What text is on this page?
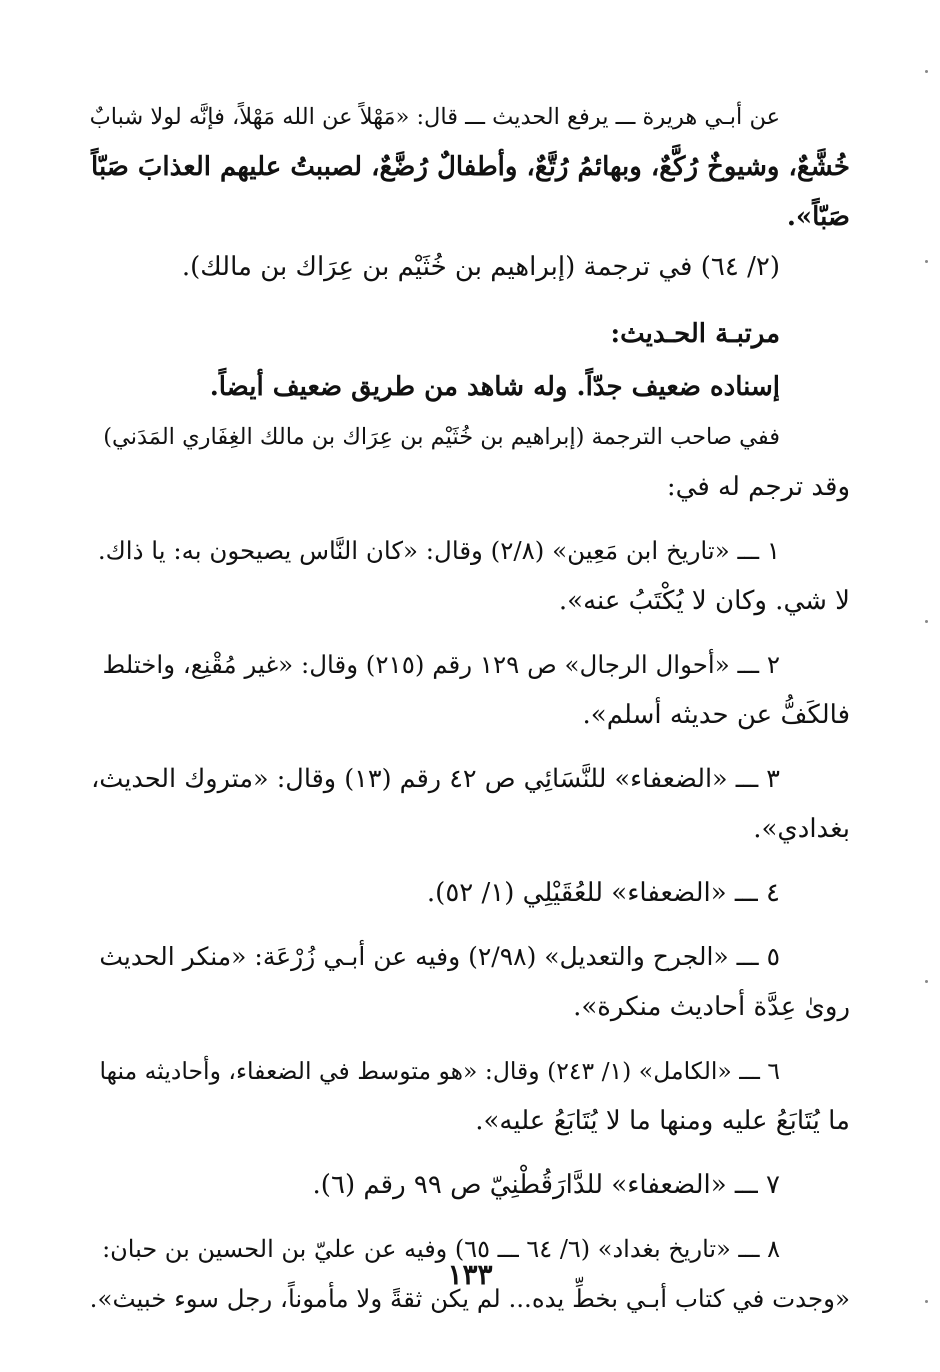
عن أبـي هريرة ـــ يرفع الحديث ـــ قال: «مَهْلاً عن الله مَهْلاً، فإنَّه لولا شبابٌ
خُشَّعٌ، وشيوخٌ رُكَّعٌ، وبهائمُ رُتَّعٌ، وأطفالٌ رُضَّعٌ، لصببتُ عليهم العذابَ صَبّاً
صَبّاً».
(٢/ ٦٤) في ترجمة (إبراهيم بن خُثَيْم بن عِرَاك بن مالك).
مرتبـة الحـديث:
إسناده ضعيف جدّاً. وله شاهد من طريق ضعيف أيضاً.
ففي صاحب الترجمة (إبراهيم بن خُثَيْم بن عِرَاك بن مالك الغِفَاري المَدَني)
وقد ترجم له في:
١ ـــ «تاريخ ابن مَعِين» (٢/٨) وقال: «كان النَّاس يصيحون به: يا ذاك.
لا شي. وكان لا يُكْتَبُ عنه».
٢ ـــ «أحوال الرجال» ص ١٢٩ رقم (٢١٥) وقال: «غير مُقْنِع، واختلط
فالكَفُّ عن حديثه أسلم».
٣ ـــ «الضعفاء» للنَّسَائِي ص ٤٢ رقم (١٣) وقال: «متروك الحديث،
بغدادي».
٤ ـــ «الضعفاء» للعُقَيْلِي (١/ ٥٢).
٥ ـــ «الجرح والتعديل» (٢/٩٨) وفيه عن أبـي زُرْعَة: «منكر الحديث
روىٰ عِدَّة أحاديث منكرة».
٦ ـــ «الكامل» (١/ ٢٤٣) وقال: «هو متوسط في الضعفاء، وأحاديثه منها
ما يُتَابَعُ عليه ومنها ما لا يُتَابَعُ عليه».
٧ ـــ «الضعفاء» للدَّارَقُطْنِيّ ص ٩٩ رقم (٦).
٨ ـــ «تاريخ بغداد» (٦/ ٦٤ ـــ ٦٥) وفيه عن عليّ بن الحسين بن حبان:
«وجدت في كتاب أبـي بخطِّ يده... لم يكن ثقةً ولا مأموناً، رجل سوء خبيث».
١٣٣
